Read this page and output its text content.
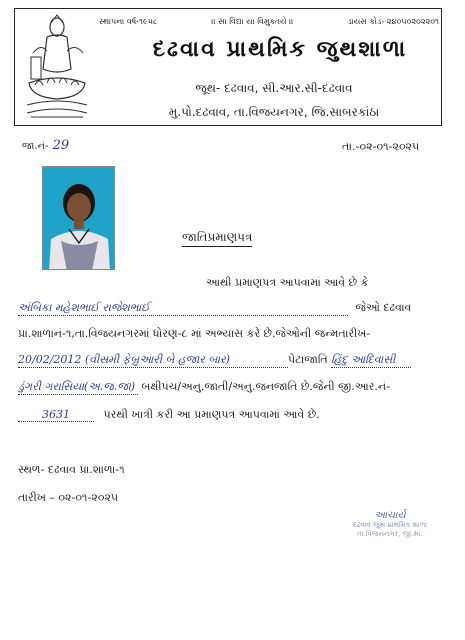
સ્થાપના વર્ષ-૧૯૫૮	।। સા વિદ્યા યા વિમુક્તયે ।।	ડાયસ કોડ- ૨૪૦૫૦૨૦૨૨૦૧
દઢવાવ પ્રાથમિક જુથશાળા
જૂથ- દઢવાવ, સી.આર.સી-દઢવાવ
મુ.પો.દઢવાવ, તા.વિજયનગર, જિ.સાબરકાંઠા
જા.નં- 29	તા.-૦૨-૦૧-૨૦૨૫
જાતિપ્રમાણપત્ર
આથી પ્રમાણપત્ર આપવામાં આવે છે કે
અંબિકા મહેશભાઈ રાજેશભાઈ	જેઓ દઢવાવ
પ્રા.શાળાનં-૧,તા.વિજયનગરમાં ધોરણ-૮ માં અભ્યાસ કરે છે.જેઓની જન્મતારીખ-
20/02/2012 (વીસમી ફેબ્રુઆરી બે હજાર બાર)	પેટાજાતિ હિંદુ આદિવાસી
ડુંગરી ગરાસિયા(અ.જ.જા) બક્ષીપંચ/અનુ.જાતી/અનુ.જનજાતિ છે.જેની જી.આર.નં-
3631	પરથી ખાત્રી કરી આ પ્રમાણપત્ર આપવામાં આવે છે.
સ્થળ- દઢવાવ પ્રા.શાળા-૧
તારીખ – ૦૨-૦૧-૨૦૨૫
આચાર્ય
દઢવાવ જુથ પ્રાથમિક શાળા
તા.વિજયનગર, જી.સા.
